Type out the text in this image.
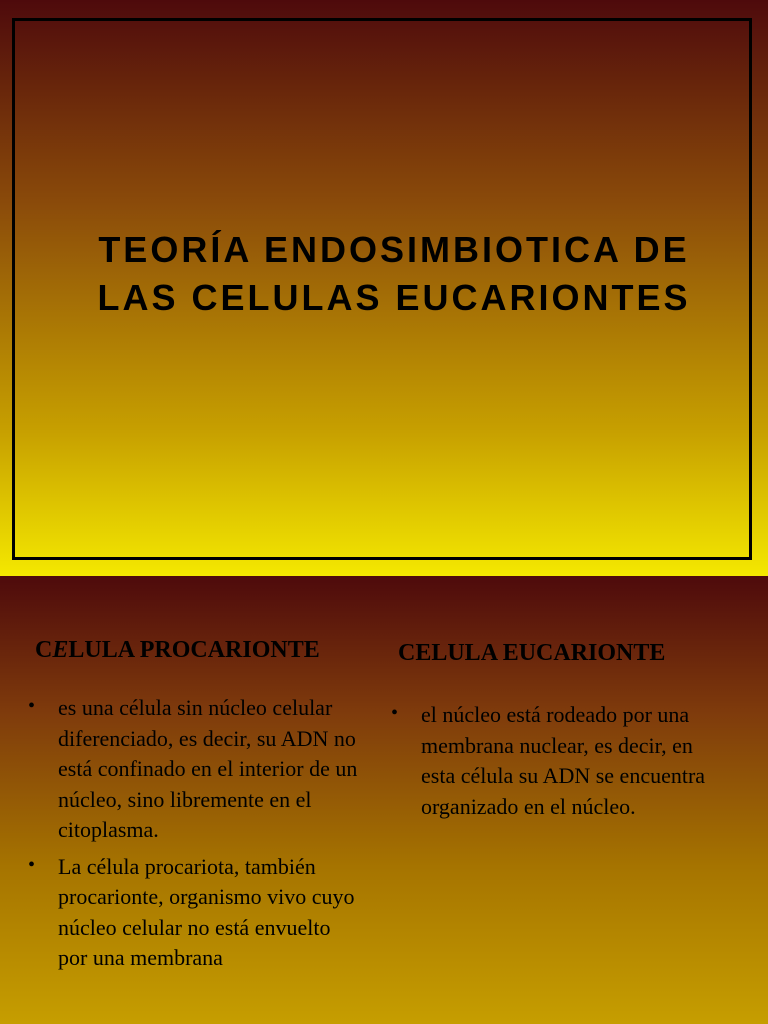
TEORÍA ENDOSIMBIOTICA DE
LAS CELULAS EUCARIONTES
CELULA PROCARIONTE	CELULA EUCARIONTE
• es una célula sin núcleo celular diferenciado, es decir, su ADN no está confinado en el interior de un núcleo, sino libremente en el citoplasma.
• La célula procariota, también procarionte, organismo vivo cuyo núcleo celular no está envuelto por una membrana
• el núcleo está rodeado por una membrana nuclear, es decir, en esta célula su ADN se encuentra organizado en el núcleo.
